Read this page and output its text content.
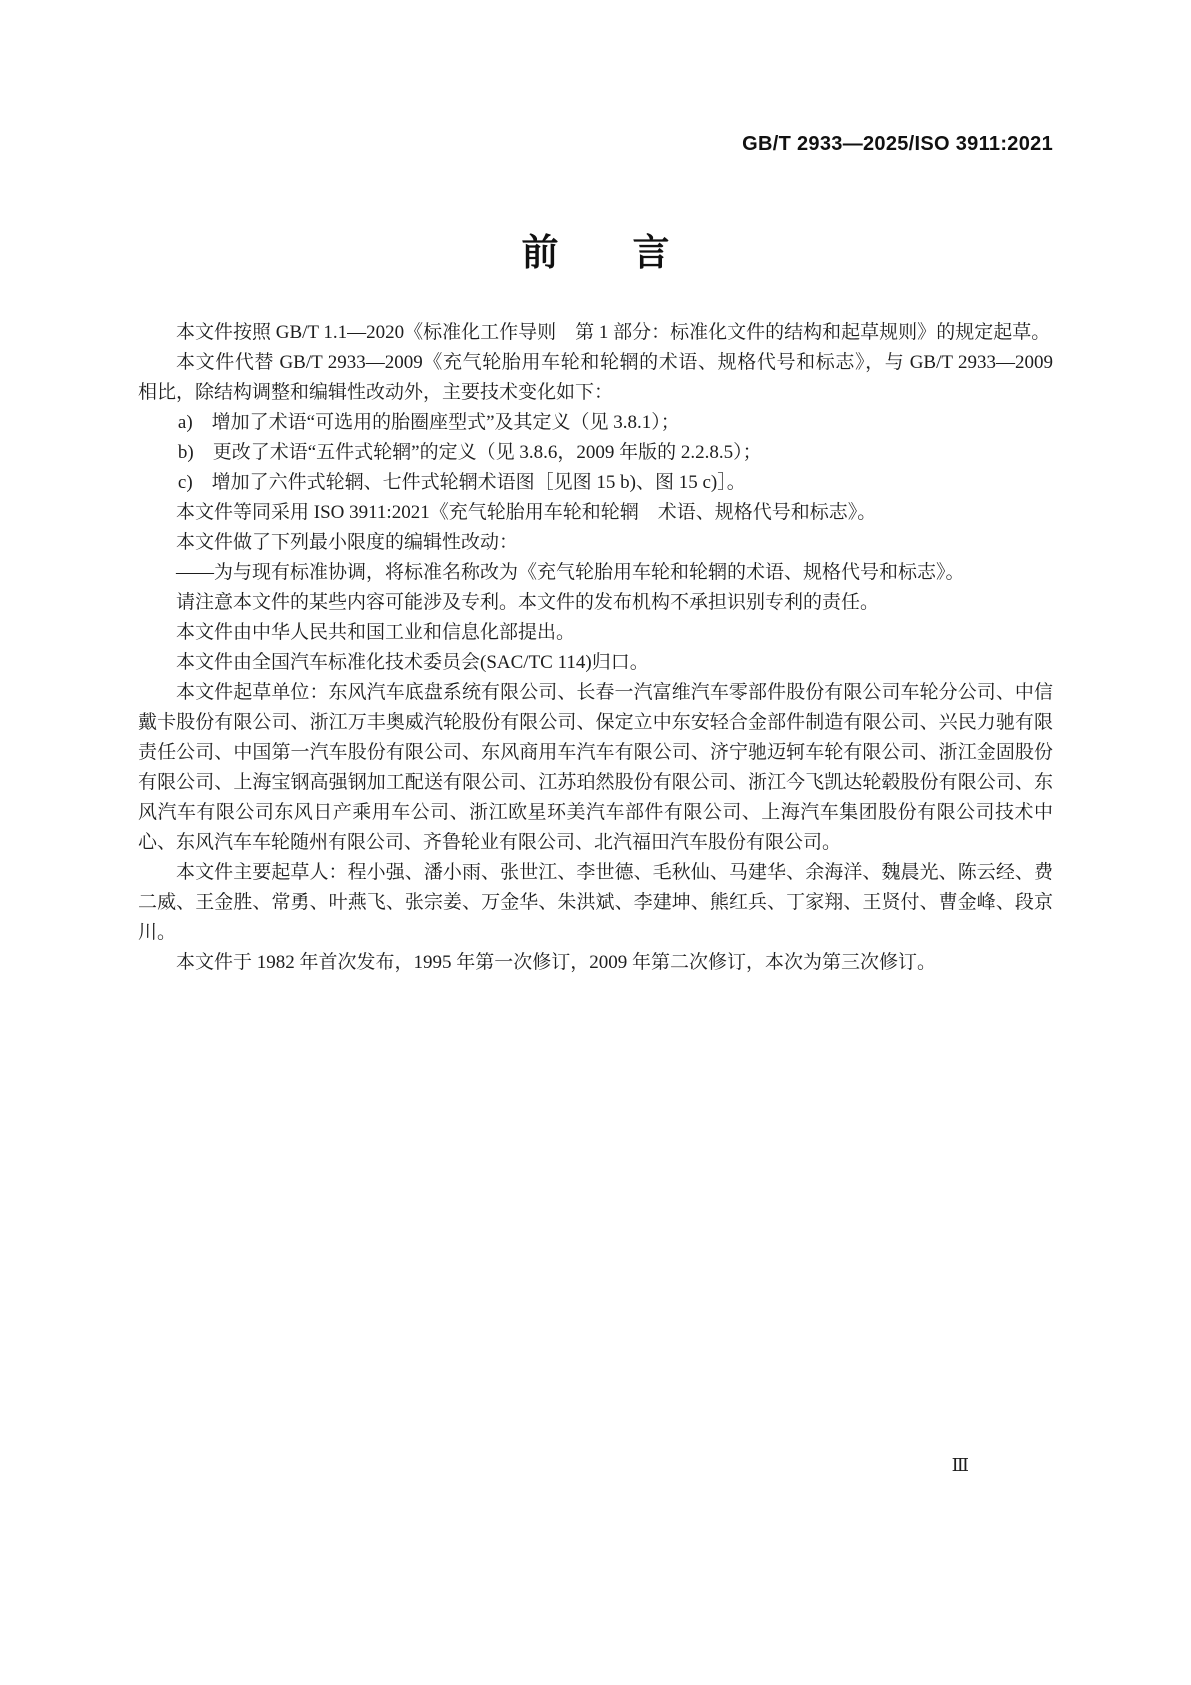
GB/T 2933—2025/ISO 3911:2021
前　　言

本文件按照 GB/T 1.1—2020《标准化工作导则　第 1 部分：标准化文件的结构和起草规则》的规定起草。

本文件代替 GB/T 2933—2009《充气轮胎用车轮和轮辋的术语、规格代号和标志》，与 GB/T 2933—2009 相比，除结构调整和编辑性改动外，主要技术变化如下：

a)　增加了术语“可选用的胎圈座型式”及其定义（见 3.8.1）；

b)　更改了术语“五件式轮辋”的定义（见 3.8.6，2009 年版的 2.2.8.5）；

c)　增加了六件式轮辋、七件式轮辋术语图［见图 15 b)、图 15 c)］。

本文件等同采用 ISO 3911:2021《充气轮胎用车轮和轮辋　术语、规格代号和标志》。

本文件做了下列最小限度的编辑性改动：

——为与现有标准协调，将标准名称改为《充气轮胎用车轮和轮辋的术语、规格代号和标志》。

请注意本文件的某些内容可能涉及专利。本文件的发布机构不承担识别专利的责任。

本文件由中华人民共和国工业和信息化部提出。

本文件由全国汽车标准化技术委员会(SAC/TC 114)归口。

本文件起草单位：东风汽车底盘系统有限公司、长春一汽富维汽车零部件股份有限公司车轮分公司、中信戴卡股份有限公司、浙江万丰奥威汽轮股份有限公司、保定立中东安轻合金部件制造有限公司、兴民力驰有限责任公司、中国第一汽车股份有限公司、东风商用车汽车有限公司、济宁驰迈轲车轮有限公司、浙江金固股份有限公司、上海宝钢高强钢加工配送有限公司、江苏珀然股份有限公司、浙江今飞凯达轮毂股份有限公司、东风汽车有限公司东风日产乘用车公司、浙江欧星环美汽车部件有限公司、上海汽车集团股份有限公司技术中心、东风汽车车轮随州有限公司、齐鲁轮业有限公司、北汽福田汽车股份有限公司。

本文件主要起草人：程小强、潘小雨、张世江、李世德、毛秋仙、马建华、余海洋、魏晨光、陈云经、费二威、王金胜、常勇、叶燕飞、张宗姜、万金华、朱洪斌、李建坤、熊红兵、丁家翔、王贤付、曹金峰、段京川。

本文件于 1982 年首次发布，1995 年第一次修订，2009 年第二次修订，本次为第三次修订。

Ⅲ
